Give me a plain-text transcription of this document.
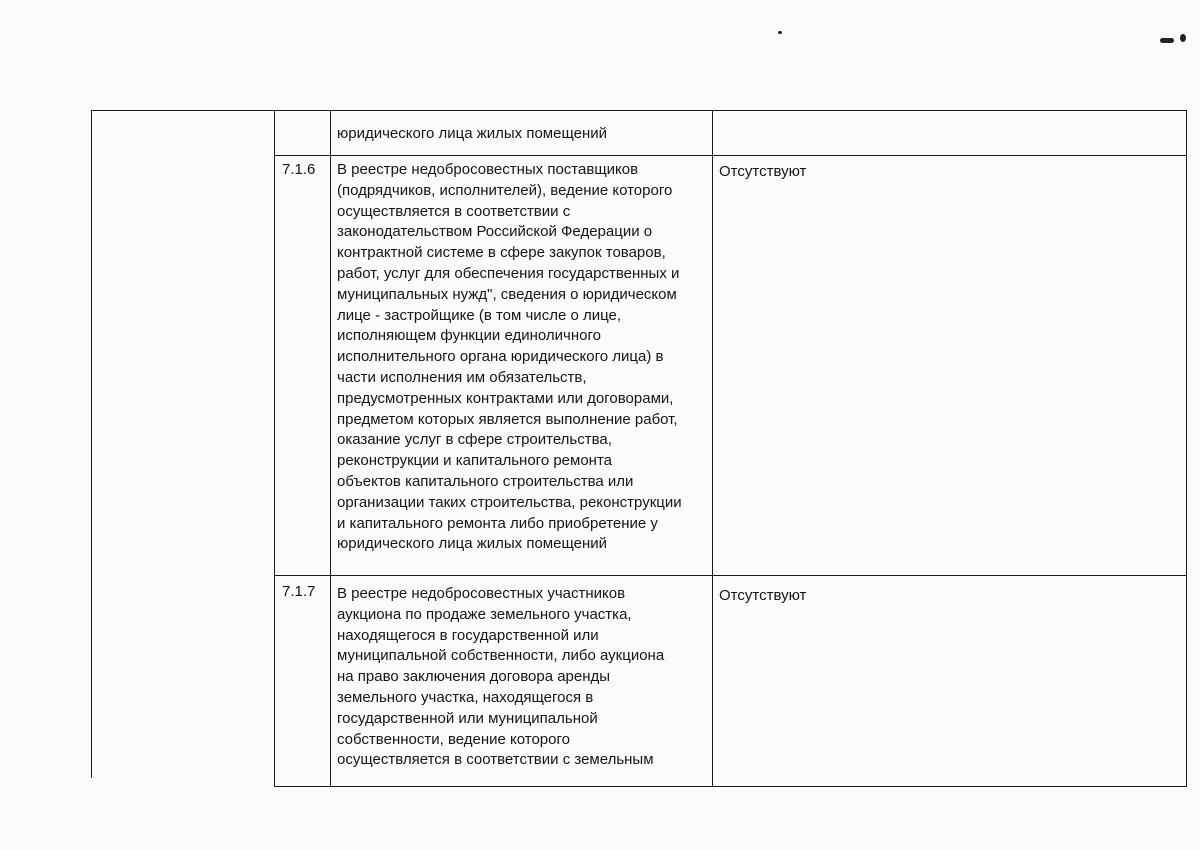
юридического лица жилых помещений
7.1.6 В реестре недобросовестных поставщиков
(подрядчиков, исполнителей), ведение которого
осуществляется в соответствии с
законодательством Российской Федерации о
контрактной системе в сфере закупок товаров,
работ, услуг для обеспечения государственных и
муниципальных нужд", сведения о юридическом
лице - застройщике (в том числе о лице,
исполняющем функции единоличного
исполнительного органа юридического лица) в
части исполнения им обязательств,
предусмотренных контрактами или договорами,
предметом которых является выполнение работ,
оказание услуг в сфере строительства,
реконструкции и капитального ремонта
объектов капитального строительства или
организации таких строительства, реконструкции
и капитального ремонта либо приобретение у
юридического лица жилых помещений
Отсутствуют
7.1.7 В реестре недобросовестных участников
аукциона по продаже земельного участка,
находящегося в государственной или
муниципальной собственности, либо аукциона
на право заключения договора аренды
земельного участка, находящегося в
государственной или муниципальной
собственности, ведение которого
осуществляется в соответствии с земельным
Отсутствуют
